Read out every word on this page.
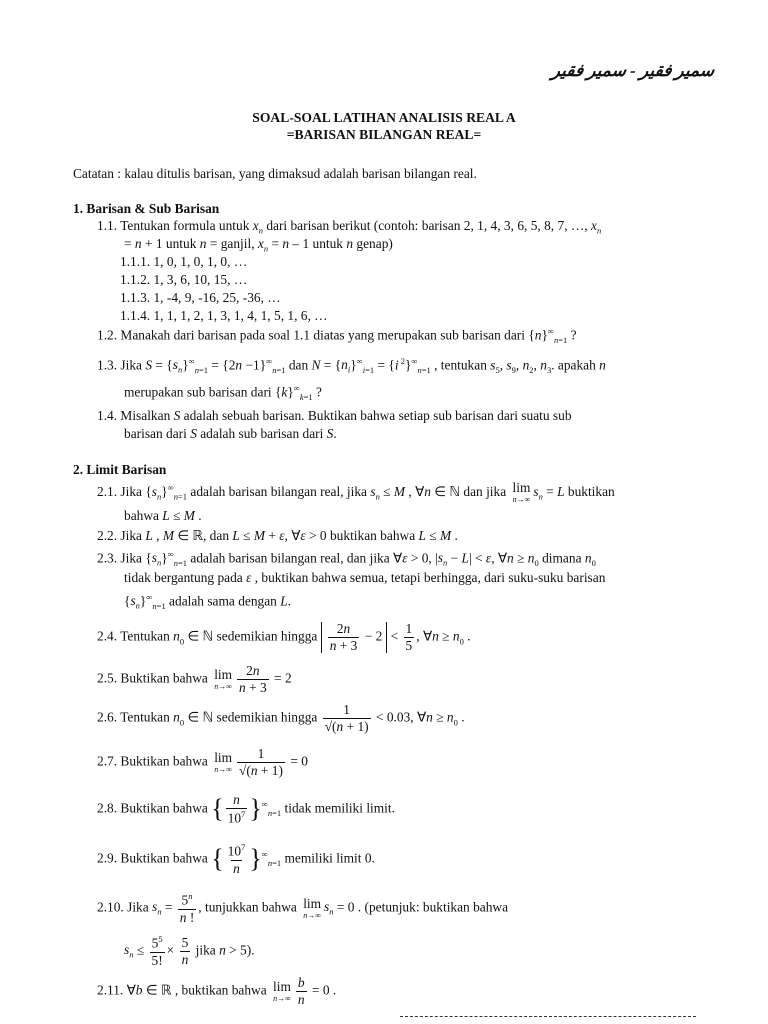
سمير فقير - سمير فقير
SOAL-SOAL LATIHAN ANALISIS REAL A
=BARISAN BILANGAN REAL=
Catatan : kalau ditulis barisan, yang dimaksud adalah barisan bilangan real.
1. Barisan & Sub Barisan
1.1. Tentukan formula untuk $x_n$ dari barisan berikut (contoh: barisan 2, 1, 4, 3, 6, 5, 8, 7, …, $x_n$
= n + 1 untuk n = ganjil, $x_n = n - 1$ untuk n genap)
1.1.1. 1, 0, 1, 0, 1, 0, …
1.1.2. 1, 3, 6, 10, 15, …
1.1.3. 1, -4, 9, -16, 25, -36, …
1.1.4. 1, 1, 1, 2, 1, 3, 1, 4, 1, 5, 1, 6, …
1.2. Manakah dari barisan pada soal 1.1 diatas yang merupakan sub barisan dari $\{n\}^\infty_{n=1}$ ?
1.3. Jika $S = \{s_n\}^\infty_{n=1} = \{2n -1\}^\infty_{n=1}$ dan $N = \{n_i\}^\infty_{i=1} = \{i$ $^2\}^\infty_{n=1}$ , tentukan $s_5$, $s_9$, $n_2$, $n_3$. apakah n
merupakan sub barisan dari $\{k\}^\infty_{k=1}$ ?
1.4. Misalkan S adalah sebuah barisan. Buktikan bahwa setiap sub barisan dari suatu sub
barisan dari S adalah sub barisan dari S.
2. Limit Barisan
2.1. Jika $\{s_n\}^\infty_{n=1}$ adalah barisan bilangan real, jika $s_n \le M$ , ∀n ∈ ℕ dan jika lim
n→∞
$s_n = L$ buktikan
bahwa L ≤ M .
2.2. Jika L , M ∈ ℝ, dan L ≤ M + ε, ∀ε > 0 buktikan bahwa L ≤ M .
2.3. Jika $\{s_n\}^\infty_{n=1}$ adalah barisan bilangan real, dan jika ∀ε > 0, $|s_n - L| < \varepsilon$, ∀n ≥ $n_0$ dimana $n_0$
tidak bergantung pada ε , buktikan bahwa semua, tetapi berhingga, dari suku-suku barisan
$\{s_n\}^\infty_{n=1}$ adalah sama dengan L.
2.4. Tentukan $n_0$ ∈ ℕ sedemikian hingga $\frac{2n}{n + 3} - 2 < \frac{1}{5}$ , ∀n ≥ $n_0$ .
2.5. Buktikan bahwa lim
$n\to\infty \frac{2n}{n + 3} = 2$
2.6. Tentukan $n_0$ ∈ ℕ sedemikian hingga $\frac{1}{√(n + 1)} < 0.03$, ∀n ≥ $n_0$ .
2.7. Buktikan bahwa lim
$n\to\infty \frac{1}{√(n + 1)} = 0$
2.8. Buktikan bahwa { $\frac{n}{10^7} \}^\infty_{n=1}$ tidak memiliki limit.
2.9. Buktikan bahwa { $\frac{10^7}{n} \}^\infty_{n=1}$ memiliki limit 0.
2.10. Jika $s_n = \frac{5^n}{n !}$ , tunjukkan bahwa lim
n→∞
$s_n = 0$ . (petunjuk: buktikan bahwa
$s_n \le \frac{5^5}{5!} \times \frac{5}{n}$ jika n > 5).
2.11. ∀b ∈ ℝ , buktikan bahwa lim
$n\to\infty \frac{b}{n} = 0$ .
